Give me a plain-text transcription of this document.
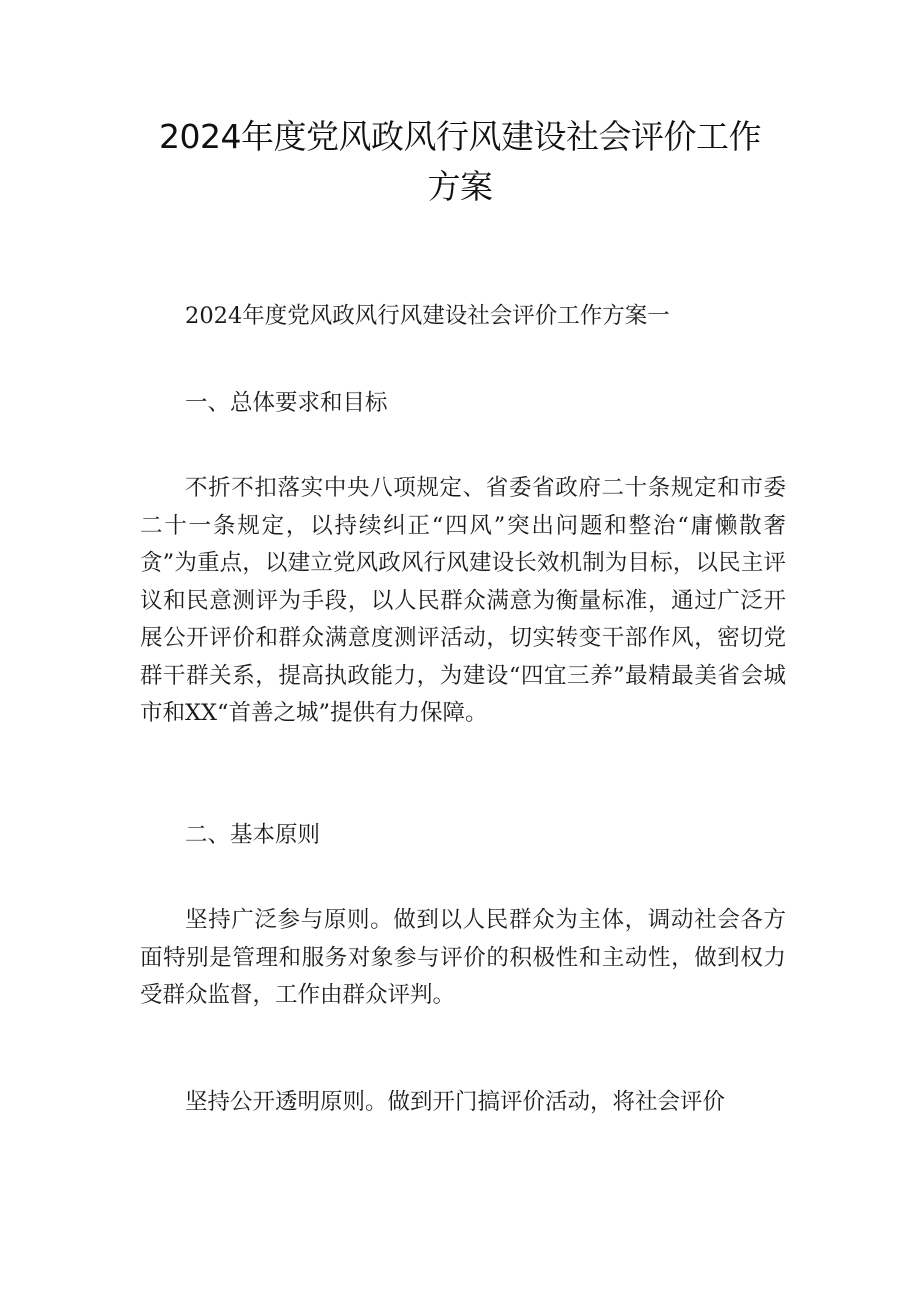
2024年度党风政风行风建设社会评价工作
方案

2024年度党风政风行风建设社会评价工作方案一

一、总体要求和目标

不折不扣落实中央八项规定、省委省政府二十条规定和市委二十一条规定，以持续纠正“四风”突出问题和整治“庸懒散奢贪”为重点，以建立党风政风行风建设长效机制为目标，以民主评议和民意测评为手段，以人民群众满意为衡量标准，通过广泛开展公开评价和群众满意度测评活动，切实转变干部作风，密切党群干群关系，提高执政能力，为建设“四宜三养”最精最美省会城市和XX“首善之城”提供有力保障。

二、基本原则

坚持广泛参与原则。做到以人民群众为主体，调动社会各方面特别是管理和服务对象参与评价的积极性和主动性，做到权力受群众监督，工作由群众评判。

坚持公开透明原则。做到开门搞评价活动，将社会评价
